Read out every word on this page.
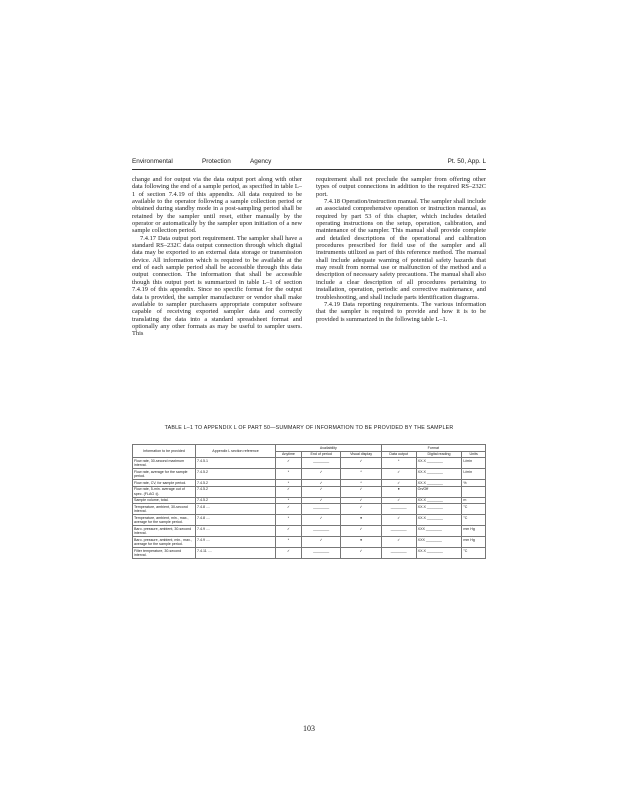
Environmental	Protection	Agency	Pt. 50, App. L

change and for output via the data output port along with other data following the end of a sample period, as specified in table L–1 of section 7.4.19 of this appendix. All data required to be available to the operator following a sample collection period or obtained during standby mode in a post-sampling period shall be retained by the sampler until reset, either manually by the operator or automatically by the sampler upon initiation of a new sample collection period.

7.4.17 Data output port requirement. The sampler shall have a standard RS–232C data output connection through which digital data may be exported to an external data storage or transmission device. All information which is required to be available at the end of each sample period shall be accessible through this data output connection. The information that shall be accessible though this output port is summarized in table L–1 of section 7.4.19 of this appendix. Since no specific format for the output data is provided, the sampler manufacturer or vendor shall make available to sampler purchasers appropriate computer software capable of receiving exported sampler data and correctly translating the data into a standard spreadsheet format and optionally any other formats as may be useful to sampler users. This

requirement shall not preclude the sampler from offering other types of output connections in addition to the required RS–232C port.

7.4.18 Operation/instruction manual. The sampler shall include an associated comprehensive operation or instruction manual, as required by part 53 of this chapter, which includes detailed operating instructions on the setup, operation, calibration, and maintenance of the sampler. This manual shall provide complete and detailed descriptions of the operational and calibration procedures prescribed for field use of the sampler and all instruments utilized as part of this reference method. The manual shall include adequate warning of potential safety hazards that may result from normal use or malfunction of the method and a description of necessary safety precautions. The manual shall also include a clear description of all procedures pertaining to installation, operation, periodic and corrective maintenance, and troubleshooting, and shall include parts identification diagrams.

7.4.19 Data reporting requirements. The various information that the sampler is required to provide and how it is to be provided is summarized in the following table L–1.

TABLE L–1 TO APPENDIX L OF PART 50—SUMMARY OF INFORMATION TO BE PROVIDED BY THE SAMPLER
Information to be provided	Appendix L section reference	Availability			Format		
		Anytime	End of period	Visual display	Data output	Digital reading	Units
Flow rate, 30-second maximum interval.	7.4.5.1	✓	________	✓	*	XX.X ________	L/min
Flow rate, average for the sample period.	7.4.5.2	*	✓	*	✓	XX.X ________	L/min
Flow rate, CV, for sample period.	7.4.5.2	*	✓	*	✓	XX.X ________	%
Flow rate, 5-min. average out of spec. (FLAG ‡).	7.4.5.2	✓	✓	✓	●	On/Off	
Sample volume, total.	7.4.5.2	*	✓	✓	✓	XX.X ________	m
Temperature, ambient, 30-second interval.	7.4.8 ....	✓	________	✓	________	XX.X ________	°C
Temperature, ambient, min., max., average for the sample period.	7.4.8 ....	*	✓	●	✓	XX.X ________	°C
Baro. pressure, ambient, 30-second interval.	7.4.9 ....	✓	________	✓	________	XXX ________	mm Hg
Baro. pressure, ambient, min., max., average for the sample period.	7.4.9 ....	*	✓	●	✓	XXX ________	mm Hg
Filter temperature, 30-second interval.	7.4.11 ....	✓	________	✓	________	XX.X ________	°C
103
